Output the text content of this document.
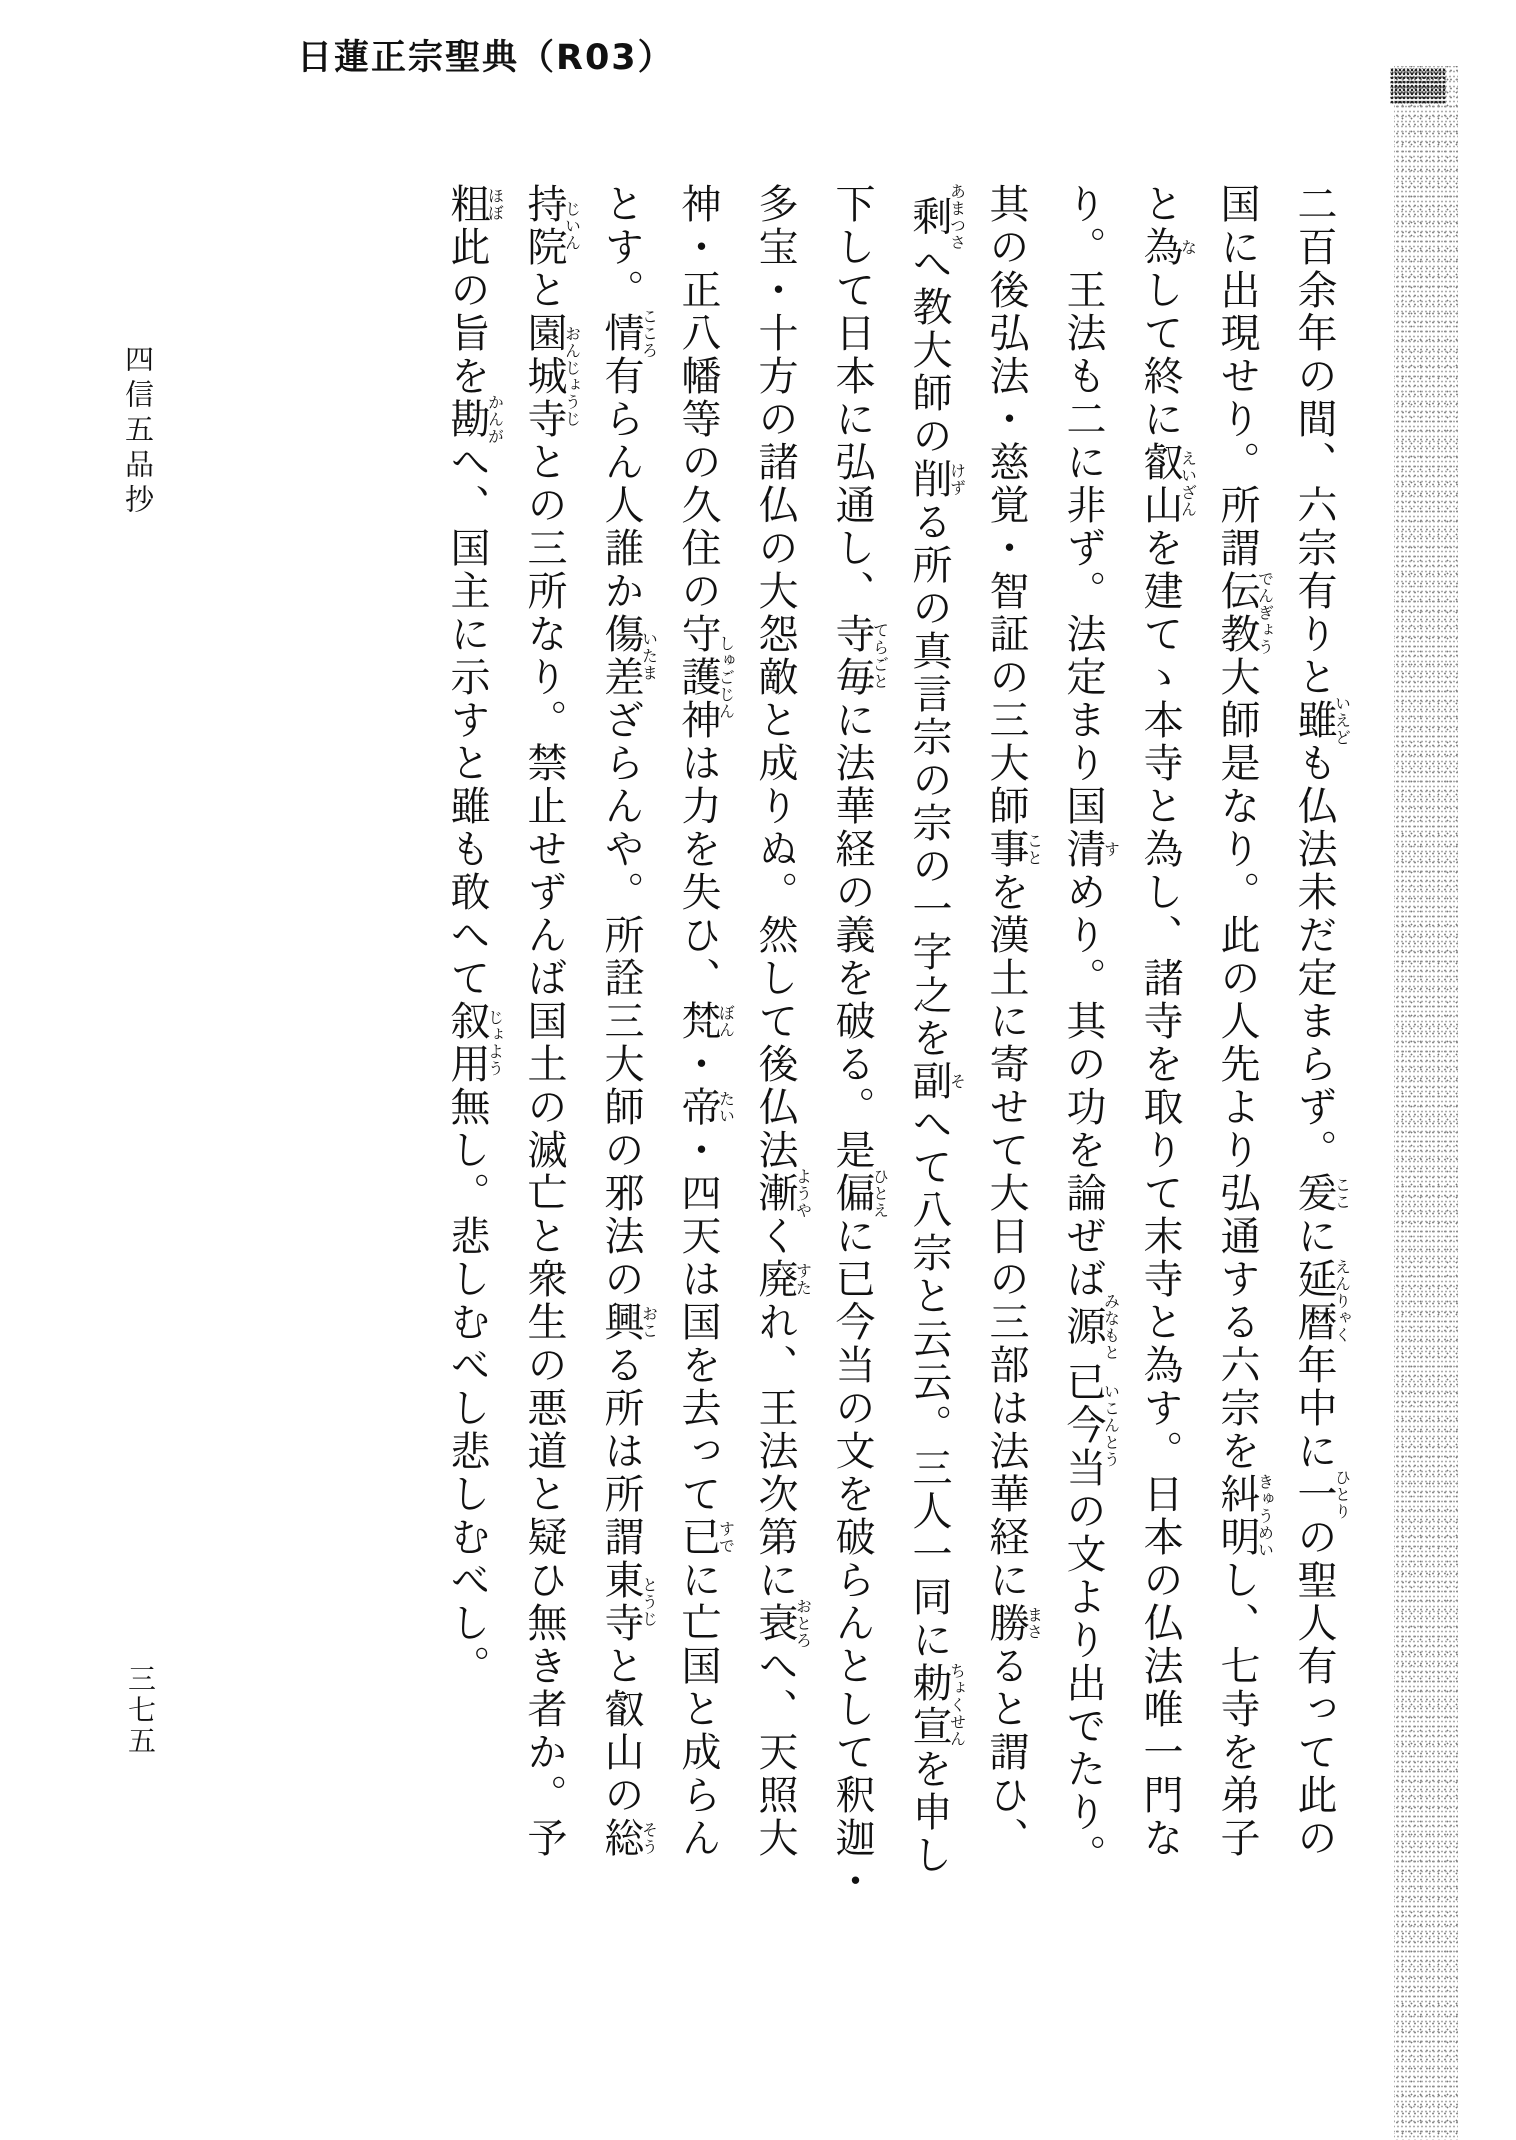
日蓮正宗聖典（R03）
四信五品抄
三七五
二百余年の間、六宗有りと雖いえども仏法未だ定まらず。爰ここに延暦えんりゃく年中に一ひとりの聖人有って此の
国に出現せり。所謂伝教でんぎょう大師是なり。此の人先より弘通する六宗を糾明きゅうめいし、七寺を弟子
と為なして終に叡山えいざんを建てゝ本寺と為し、諸寺を取りて末寺と為す。日本の仏法唯一門な
り。王法も二に非ず。法定まり国清すめり。其の功を論ぜば源みなもと已今当いこんとうの文より出でたり。
其の後弘法・慈覚・智証の三大師事ことを漢土に寄せて大日の三部は法華経に勝まさると謂ひ、
剩あまつさへ教大師の削けずる所の真言宗の宗の一字之を副そへて八宗と云云。三人一同に勅宣ちょくせんを申し
下して日本に弘通し、寺毎てらごとに法華経の義を破る。是偏ひとえに已今当の文を破らんとして釈迦・
多宝・十方の諸仏の大怨敵と成りぬ。然して後仏法漸ようやく廃すたれ、王法次第に衰おとろへ、天照大
神・正八幡等の久住の守護神しゅごじんは力を失ひ、梵ぼん・帝たい・四天は国を去って已すでに亡国と成らん
とす。情こころ有らん人誰か傷差いたまざらんや。所詮三大師の邪法の興おこる所は所謂東寺とうじと叡山の総そう
持院じいんと園城寺おんじょうじとの三所なり。禁止せずんば国土の滅亡と衆生の悪道と疑ひ無き者か。予
粗ほぼ此の旨を勘かんがへ、国主に示すと雖も敢へて叙用じょよう無し。悲しむべし悲しむべし。
